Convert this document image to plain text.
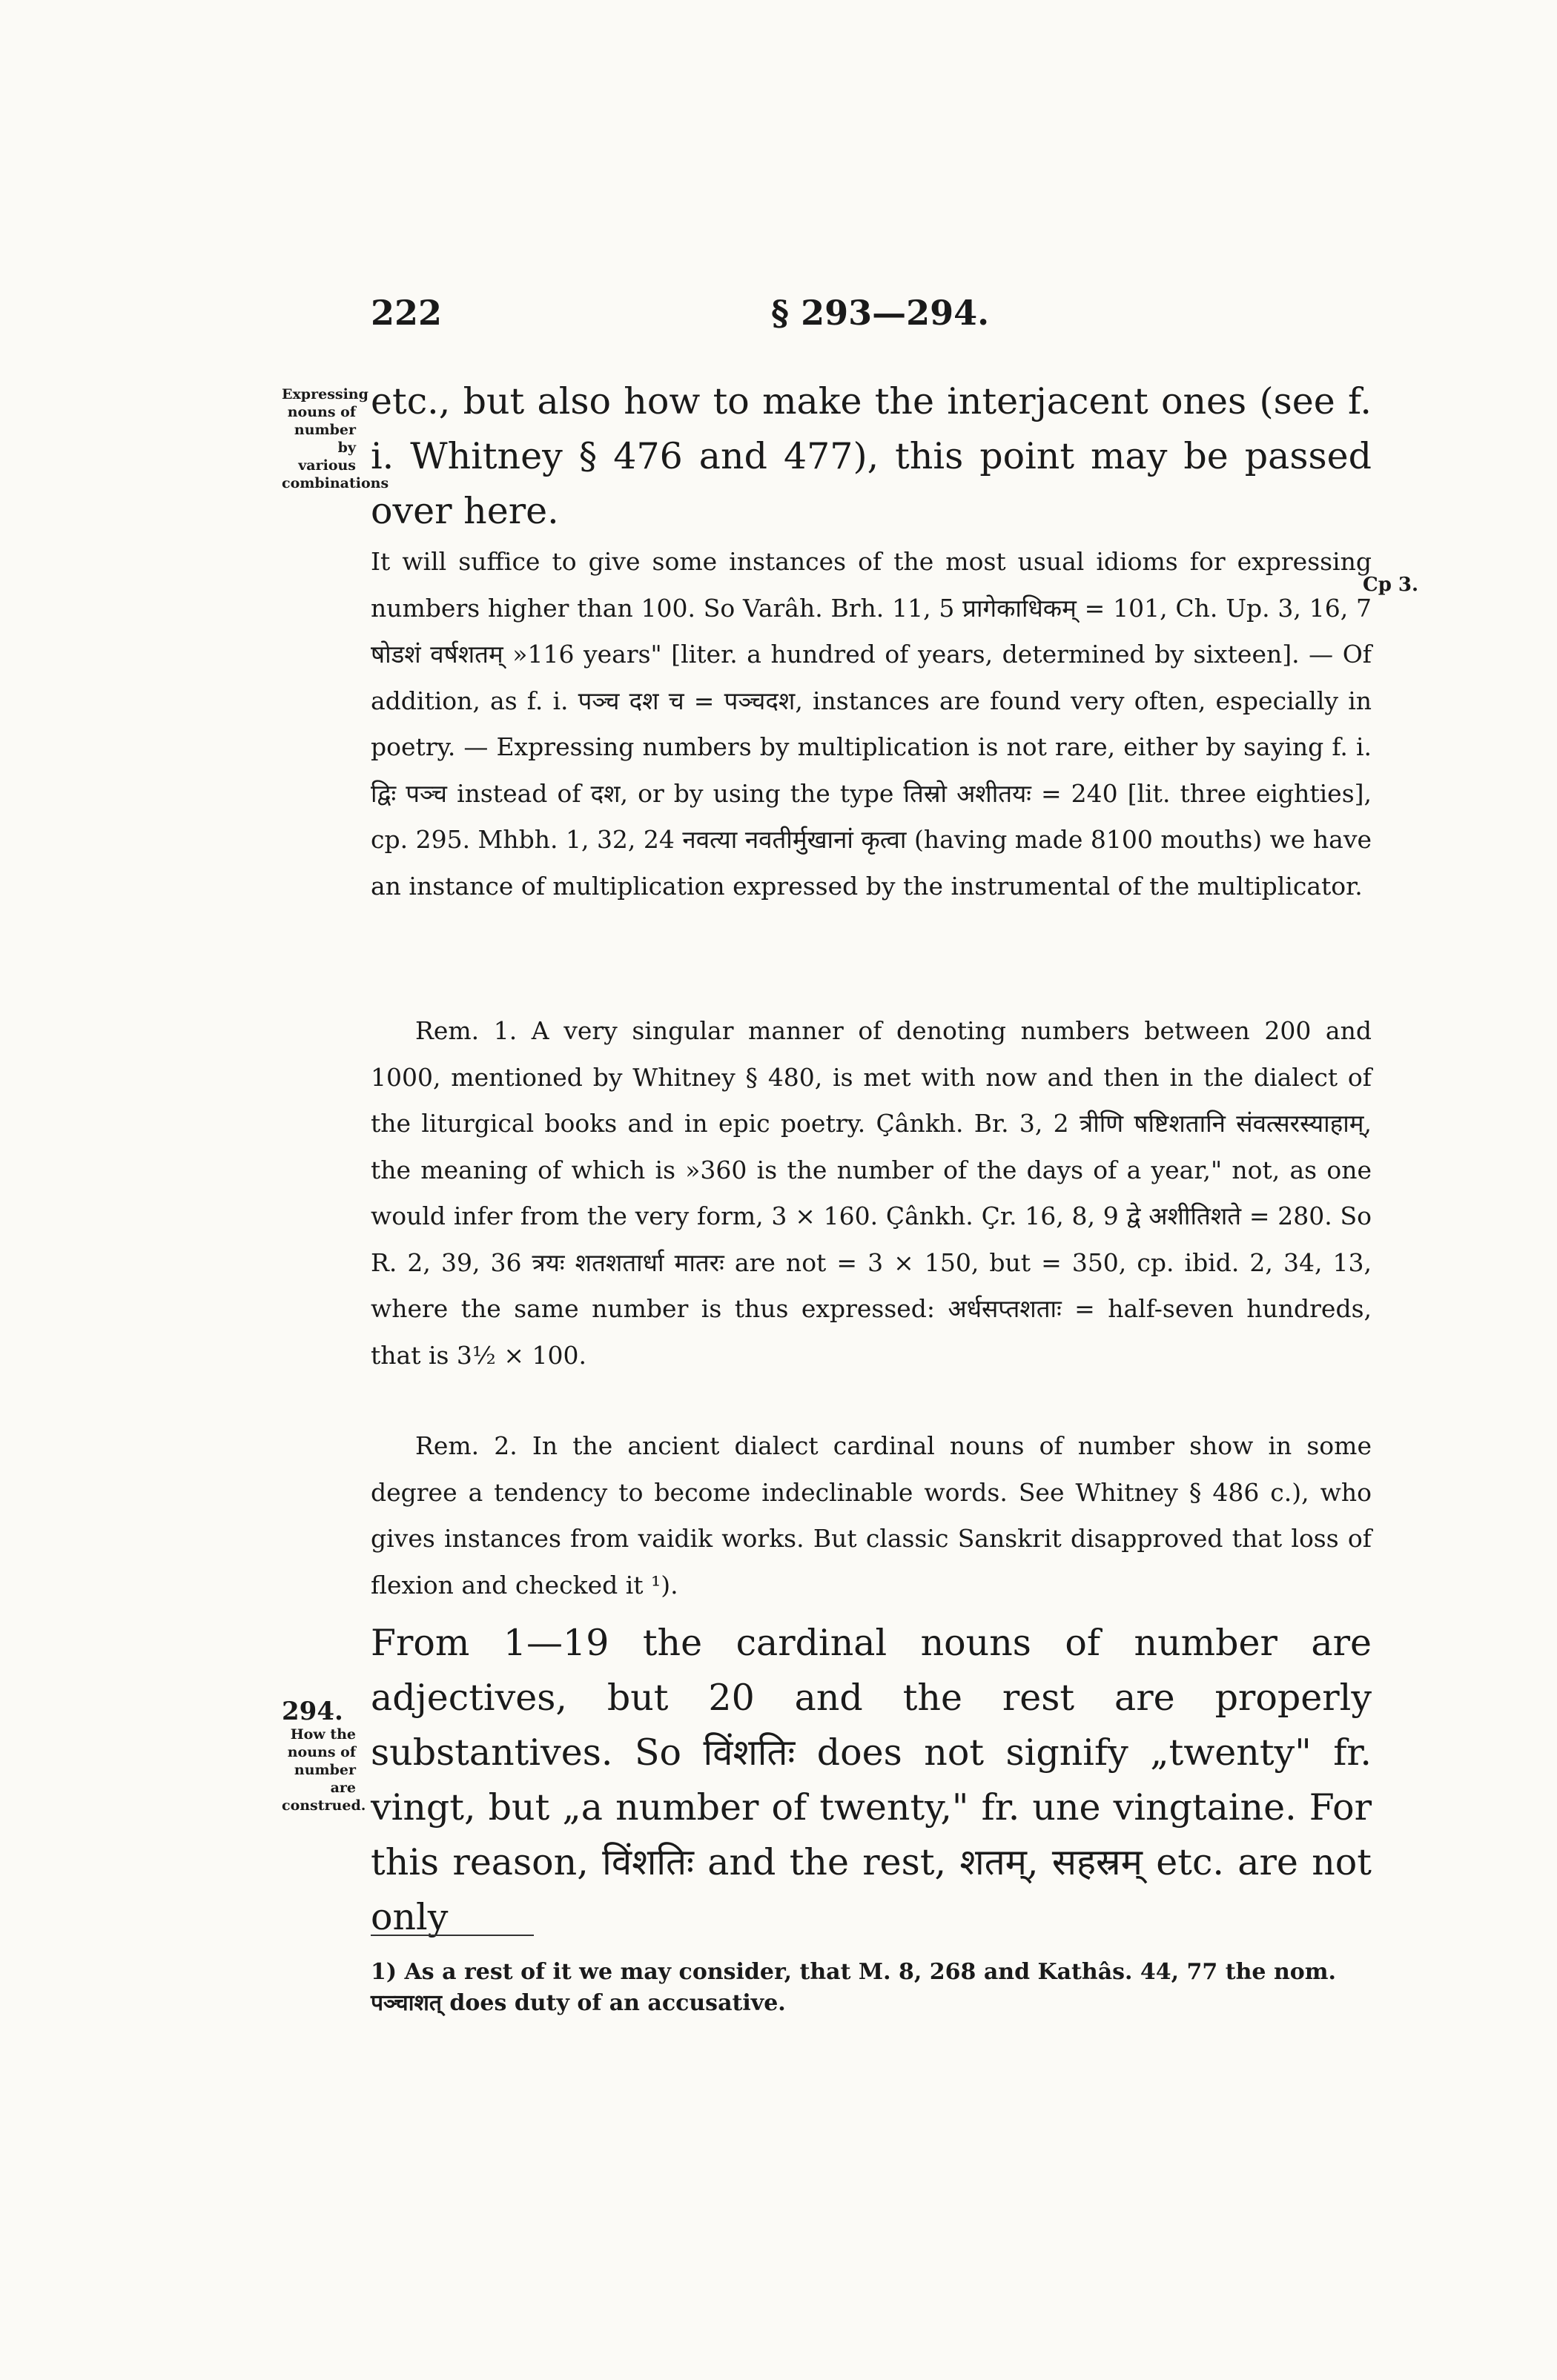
222	§ 293—294.
Expressing nouns of number by various combinations
Cp 3.
etc., but also how to make the interjacent ones (see f. i. Whitney § 476 and 477), this point may be passed over here.
It will suffice to give some instances of the most usual idioms for expressing numbers higher than 100. So Varâh. Brh. 11, 5 प्रागेकाधिकम् = 101, Ch. Up. 3, 16, 7 षोडशं वर्षशतम् »116 years" [liter. a hundred of years, determined by sixteen]. — Of addition, as f. i. पञ्च दश च = पञ्चदश, instances are found very often, especially in poetry. — Expressing numbers by multiplication is not rare, either by saying f. i. द्विः पञ्च instead of दश, or by using the type तिस्रो अशीतयः = 240 [lit. three eighties], cp. 295. Mhbh. 1, 32, 24 नवत्या नवतीर्मुखानां कृत्वा (having made 8100 mouths) we have an instance of multiplication expressed by the instrumental of the multiplicator.
Rem. 1. A very singular manner of denoting numbers between 200 and 1000, mentioned by Whitney § 480, is met with now and then in the dialect of the liturgical books and in epic poetry. Çânkh. Br. 3, 2 त्रीणि षष्टिशतानि संवत्सरस्याहाम्, the meaning of which is »360 is the number of the days of a year," not, as one would infer from the very form, 3 × 160. Çânkh. Çr. 16, 8, 9 द्वे अशीतिशते = 280. So R. 2, 39, 36 त्रयः शतशतार्धा मातरः are not = 3 × 150, but = 350, cp. ibid. 2, 34, 13, where the same number is thus expressed: अर्धसप्तशताः = half-seven hundreds, that is 3½ × 100.
Rem. 2. In the ancient dialect cardinal nouns of number show in some degree a tendency to become indeclinable words. See Whitney § 486 c.), who gives instances from vaidik works. But classic Sanskrit disapproved that loss of flexion and checked it ¹).
294.
How the nouns of number are construed.
From 1—19 the cardinal nouns of number are adjectives, but 20 and the rest are properly substantives. So विंशतिः does not signify „twenty" fr. vingt, but „a number of twenty," fr. une vingtaine. For this reason, विंशतिः and the rest, शतम्, सहस्रम् etc. are not only
1) As a rest of it we may consider, that M. 8, 268 and Kathâs. 44, 77 the nom. पञ्चाशत् does duty of an accusative.
